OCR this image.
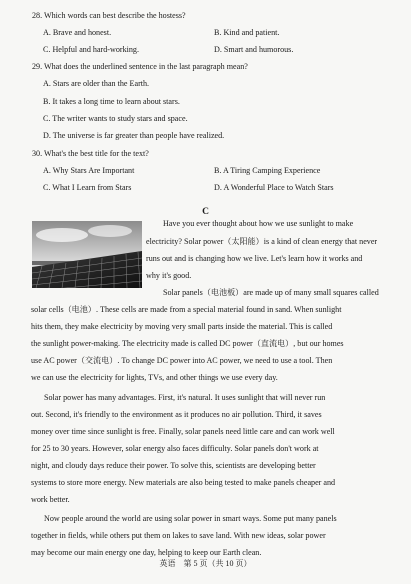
28. Which words can best describe the hostess?
A. Brave and honest.	B. Kind and patient.
C. Helpful and hard-working.	D. Smart and humorous.
29. What does the underlined sentence in the last paragraph mean?
A. Stars are older than the Earth.
B. It takes a long time to learn about stars.
C. The writer wants to study stars and space.
D. The universe is far greater than people have realized.
30. What's the best title for the text?
A. Why Stars Are Important	B. A Tiring Camping Experience
C. What I Learn from Stars	D. A Wonderful Place to Watch Stars
C
Have you ever thought about how we use sunlight to make
electricity? Solar power（太阳能）is a kind of clean energy that never
runs out and is changing how we live. Let's learn how it works and
why it's good.
Solar panels（电池板）are made up of many small squares called
solar cells（电池）. These cells are made from a special material found in sand. When sunlight
hits them, they make electricity by moving very small parts inside the material. This is called
the sunlight power-making. The electricity made is called DC power（直流电）, but our homes
use AC power（交流电）. To change DC power into AC power, we need to use a tool. Then
we can use the electricity for lights, TVs, and other things we use every day.
Solar power has many advantages. First, it's natural. It uses sunlight that will never run
out. Second, it's friendly to the environment as it produces no air pollution. Third, it saves
money over time since sunlight is free. Finally, solar panels need little care and can work well
for 25 to 30 years. However, solar energy also faces difficulty. Solar panels don't work at
night, and cloudy days reduce their power. To solve this, scientists are developing better
systems to store more energy. New materials are also being tested to make panels cheaper and
work better.
Now people around the world are using solar power in smart ways. Some put many panels
together in fields, while others put them on lakes to save land. With new ideas, solar power
may become our main energy one day, helping to keep our Earth clean.
英语 第 5 页（共 10 页）
